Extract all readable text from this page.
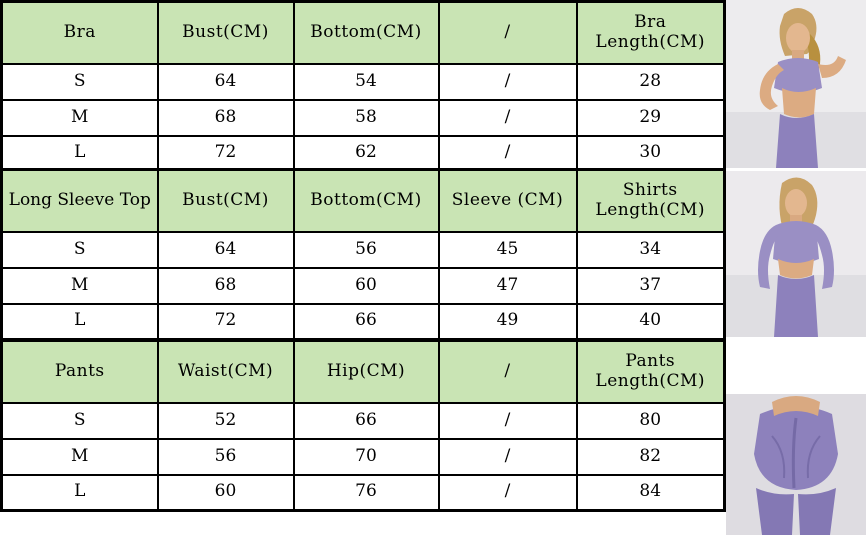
Bra	Bust(CM)	Bottom(CM)	/	Bra Length(CM)
S	64	54	/	28
M	68	58	/	29
L	72	62	/	30
Long Sleeve Top	Bust(CM)	Bottom(CM)	Sleeve (CM)	Shirts Length(CM)
S	64	56	45	34
M	68	60	47	37
L	72	66	49	40
Pants	Waist(CM)	Hip(CM)	/	Pants Length(CM)
S	52	66	/	80
M	56	70	/	82
L	60	76	/	84
